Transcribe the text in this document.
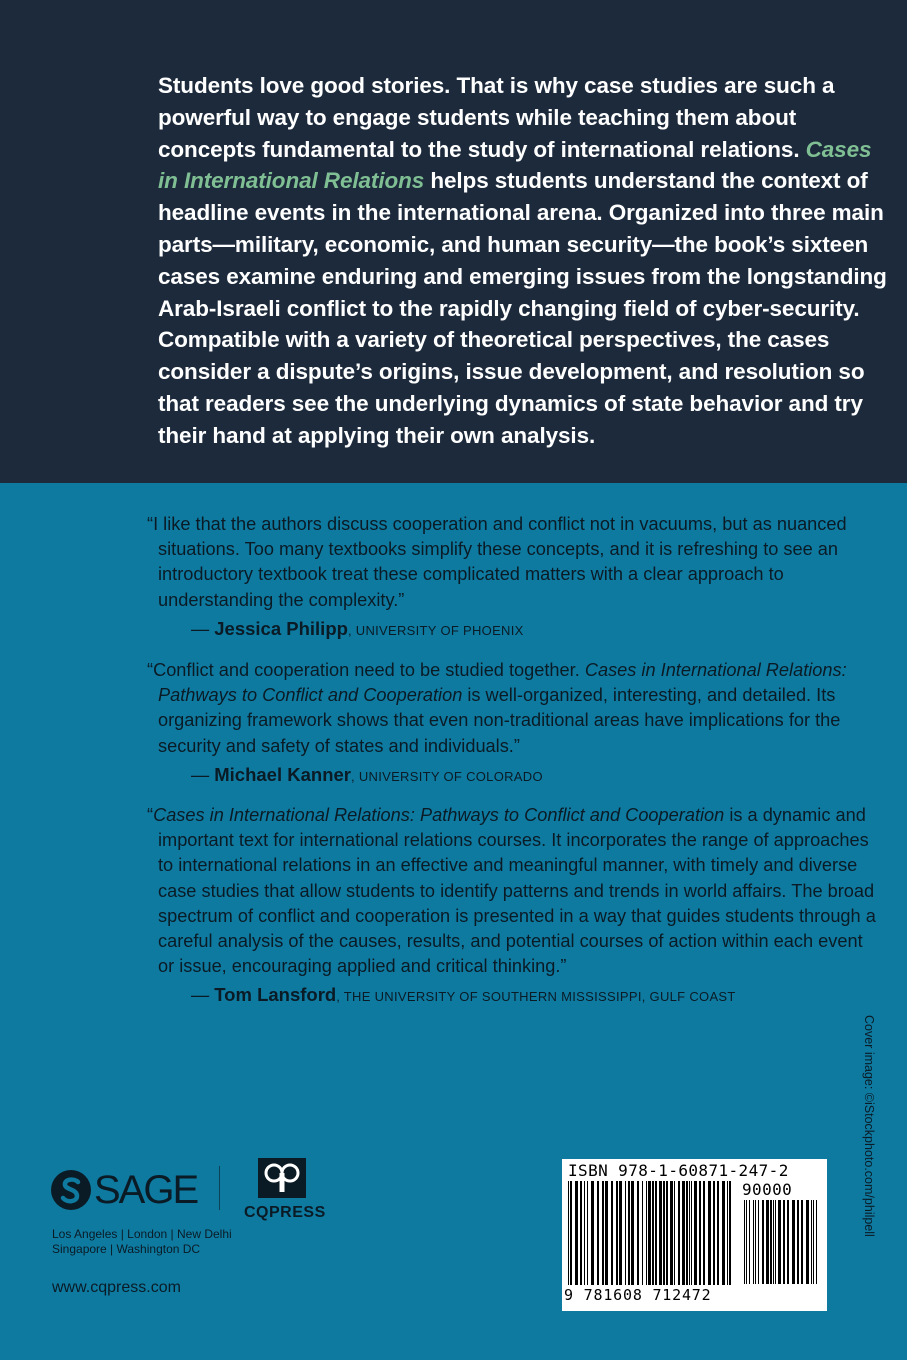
Students love good stories. That is why case studies are such a powerful way to engage students while teaching them about concepts fundamental to the study of international relations. Cases in International Relations helps students understand the context of headline events in the international arena. Organized into three main parts—military, economic, and human security—the book’s sixteen cases examine enduring and emerging issues from the longstanding Arab-Israeli conflict to the rapidly changing field of cyber-security. Compatible with a variety of theoretical perspectives, the cases consider a dispute’s origins, issue development, and resolution so that readers see the underlying dynamics of state behavior and try their hand at applying their own analysis.

“I like that the authors discuss cooperation and conflict not in vacuums, but as nuanced situations. Too many textbooks simplify these concepts, and it is refreshing to see an introductory textbook treat these complicated matters with a clear approach to understanding the complexity.”
— Jessica Philipp, UNIVERSITY OF PHOENIX
“Conflict and cooperation need to be studied together. Cases in International Relations: Pathways to Conflict and Cooperation is well-organized, interesting, and detailed. Its organizing framework shows that even non-traditional areas have implications for the security and safety of states and individuals.”
— Michael Kanner, UNIVERSITY OF COLORADO
“Cases in International Relations: Pathways to Conflict and Cooperation is a dynamic and important text for international relations courses. It incorporates the range of approaches to international relations in an effective and meaningful manner, with timely and diverse case studies that allow students to identify patterns and trends in world affairs. The broad spectrum of conflict and cooperation is presented in a way that guides students through a careful analysis of the causes, results, and potential courses of action within each event or issue, encouraging applied and critical thinking.”
— Tom Lansford, THE UNIVERSITY OF SOUTHERN MISSISSIPPI, GULF COAST
Cover image: ©iStockphoto.com/philpell
SAGE
CQPRESS
Los Angeles | London | New Delhi
Singapore | Washington DC
www.cqpress.com
ISBN 978-1-60871-247-2
90000
9 781608 712472
